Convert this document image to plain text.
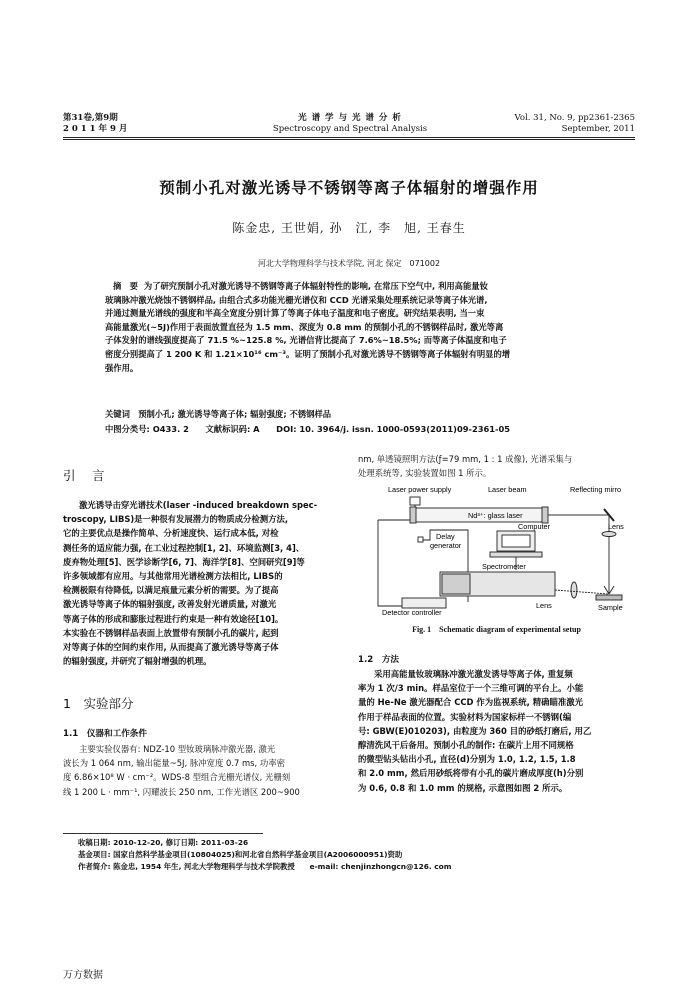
第31卷,第9期
2 0 1 1 年 9 月
光 谱 学 与 光 谱 分 析
Spectroscopy and Spectral Analysis
Vol. 31, No. 9, pp2361-2365
September, 2011
预制小孔对激光诱导不锈钢等离子体辐射的增强作用
陈金忠, 王世娟, 孙　江, 李　旭, 王春生
河北大学物理科学与技术学院, 河北 保定　071002
摘　要 为了研究预制小孔对激光诱导不锈钢等离子体辐射特性的影响, 在常压下空气中, 利用高能量钕
玻璃脉冲激光烧蚀不锈钢样品, 由组合式多功能光栅光谱仪和 CCD 光谱采集处理系统记录等离子体光谱,
并通过测量光谱线的强度和半高全宽度分别计算了等离子体电子温度和电子密度。研究结果表明, 当一束
高能量激光(~5J)作用于表面放置直径为 1.5 mm、深度为 0.8 mm 的预制小孔的不锈钢样品时, 激光等离
子体发射的谱线强度提高了 71.5 %~125.8 %, 光谱信背比提高了 7.6%~18.5%; 而等离子体温度和电子
密度分别提高了 1 200 K 和 1.21×10¹⁶ cm⁻³。证明了预制小孔对激光诱导不锈钢等离子体辐射有明显的增
强作用。
关键词　预制小孔; 激光诱导等离子体; 辐射强度; 不锈钢样品
中图分类号: O433. 2　　文献标识码: A　　DOI: 10. 3964/j. issn. 1000-0593(2011)09-2361-05
引　言
激光诱导击穿光谱技术(laser -induced breakdown spec-
troscopy, LIBS)是一种很有发展潜力的物质成分检测方法,
它的主要优点是操作简单、分析速度快、运行成本低, 对检
测任务的适应能力强, 在工业过程控制[1, 2]、环境监测[3, 4]、
废弃物处理[5]、医学诊断学[6, 7]、海洋学[8]、空间研究[9]等
许多领域都有应用。与其他常用光谱检测方法相比, LIBS的
检测极限有待降低, 以满足痕量元素分析的需要。为了提高
激光诱导等离子体的辐射强度, 改善发射光谱质量, 对激光
等离子体的形成和膨胀过程进行约束是一种有效途径[10]。
本实验在不锈钢样品表面上放置带有预制小孔的碳片, 起到
对等离子体的空间约束作用, 从而提高了激光诱导等离子体
的辐射强度, 并研究了辐射增强的机理。
1　实验部分
1.1　仪器和工作条件
主要实验仪器有: NDZ-10 型钕玻璃脉冲激光器, 激光
波长为 1 064 nm, 输出能量~5J, 脉冲宽度 0.7 ms, 功率密
度 6.86×10⁸ W · cm⁻²。WDS-8 型组合光栅光谱仪, 光栅刻
线 1 200 L · mm⁻¹, 闪耀波长 250 nm, 工作光谱区 200~900
nm, 单透镜照明方法(ƒ=79 mm, 1 : 1 成像), 光谱采集与
处理系统等, 实验装置如图 1 所示。
Laser power supply	Laser beam	Reflecting mirro
Nd³⁺: glass laser
Computer	Lens
Delay
generator
Spectrometer
Detector controller
Lens	Sample
Fig. 1　Schematic diagram of experimental setup
1.2　方法
采用高能量钕玻璃脉冲激光激发诱导等离子体, 重复频
率为 1 次/3 min。样品室位于一个三维可调的平台上。小能
量的 He-Ne 激光器配合 CCD 作为监视系统, 精确瞄准激光
作用于样品表面的位置。实验材料为国家标样一不锈钢(编
号: GBW(E)010203), 由粒度为 360 目的砂纸打磨后, 用乙
醇清洗风干后备用。预制小孔的制作: 在碳片上用不同规格
的微型钻头钻出小孔, 直径(d)分别为 1.0, 1.2, 1.5, 1.8
和 2.0 mm, 然后用砂纸将带有小孔的碳片磨成厚度(h)分别
为 0.6, 0.8 和 1.0 mm 的规格, 示意图如图 2 所示。
收稿日期: 2010-12-20, 修订日期: 2011-03-26
基金项目: 国家自然科学基金项目(10804025)和河北省自然科学基金项目(A2006000951)资助
作者简介: 陈金忠, 1954 年生, 河北大学物理科学与技术学院教授　　e-mail: chenjinzhongcn@126. com
万方数据
